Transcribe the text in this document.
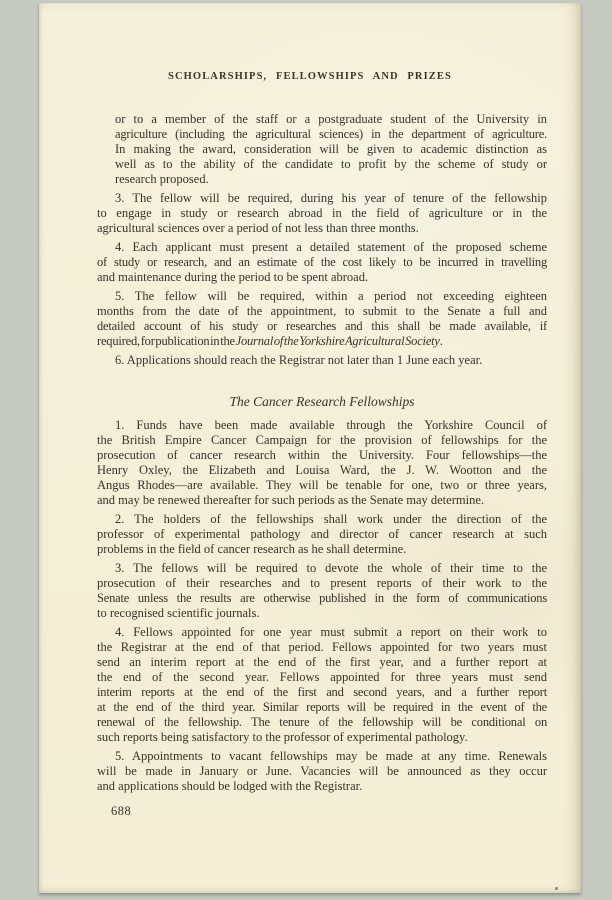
SCHOLARSHIPS, FELLOWSHIPS AND PRIZES
or to a member of the staff or a postgraduate student of the University in
agriculture (including the agricultural sciences) in the department of agriculture.
In making the award, consideration will be given to academic distinction as
well as to the ability of the candidate to profit by the scheme of study or
research proposed.
3. The fellow will be required, during his year of tenure of the fellowship
to engage in study or research abroad in the field of agriculture or in the
agricultural sciences over a period of not less than three months.
4. Each applicant must present a detailed statement of the proposed scheme
of study or research, and an estimate of the cost likely to be incurred in travelling
and maintenance during the period to be spent abroad.
5. The fellow will be required, within a period not exceeding eighteen
months from the date of the appointment, to submit to the Senate a full and
detailed account of his study or researches and this shall be made available, if
required, for publication in the Journal of the Yorkshire Agricultural Society.
6. Applications should reach the Registrar not later than 1 June each year.
The Cancer Research Fellowships
1. Funds have been made available through the Yorkshire Council of
the British Empire Cancer Campaign for the provision of fellowships for the
prosecution of cancer research within the University. Four fellowships—the
Henry Oxley, the Elizabeth and Louisa Ward, the J. W. Wootton and the
Angus Rhodes—are available. They will be tenable for one, two or three years,
and may be renewed thereafter for such periods as the Senate may determine.
2. The holders of the fellowships shall work under the direction of the
professor of experimental pathology and director of cancer research at such
problems in the field of cancer research as he shall determine.
3. The fellows will be required to devote the whole of their time to the
prosecution of their researches and to present reports of their work to the
Senate unless the results are otherwise published in the form of communications
to recognised scientific journals.
4. Fellows appointed for one year must submit a report on their work to
the Registrar at the end of that period. Fellows appointed for two years must
send an interim report at the end of the first year, and a further report at
the end of the second year. Fellows appointed for three years must send
interim reports at the end of the first and second years, and a further report
at the end of the third year. Similar reports will be required in the event of the
renewal of the fellowship. The tenure of the fellowship will be conditional on
such reports being satisfactory to the professor of experimental pathology.
5. Appointments to vacant fellowships may be made at any time. Renewals
will be made in January or June. Vacancies will be announced as they occur
and applications should be lodged with the Registrar.
688
